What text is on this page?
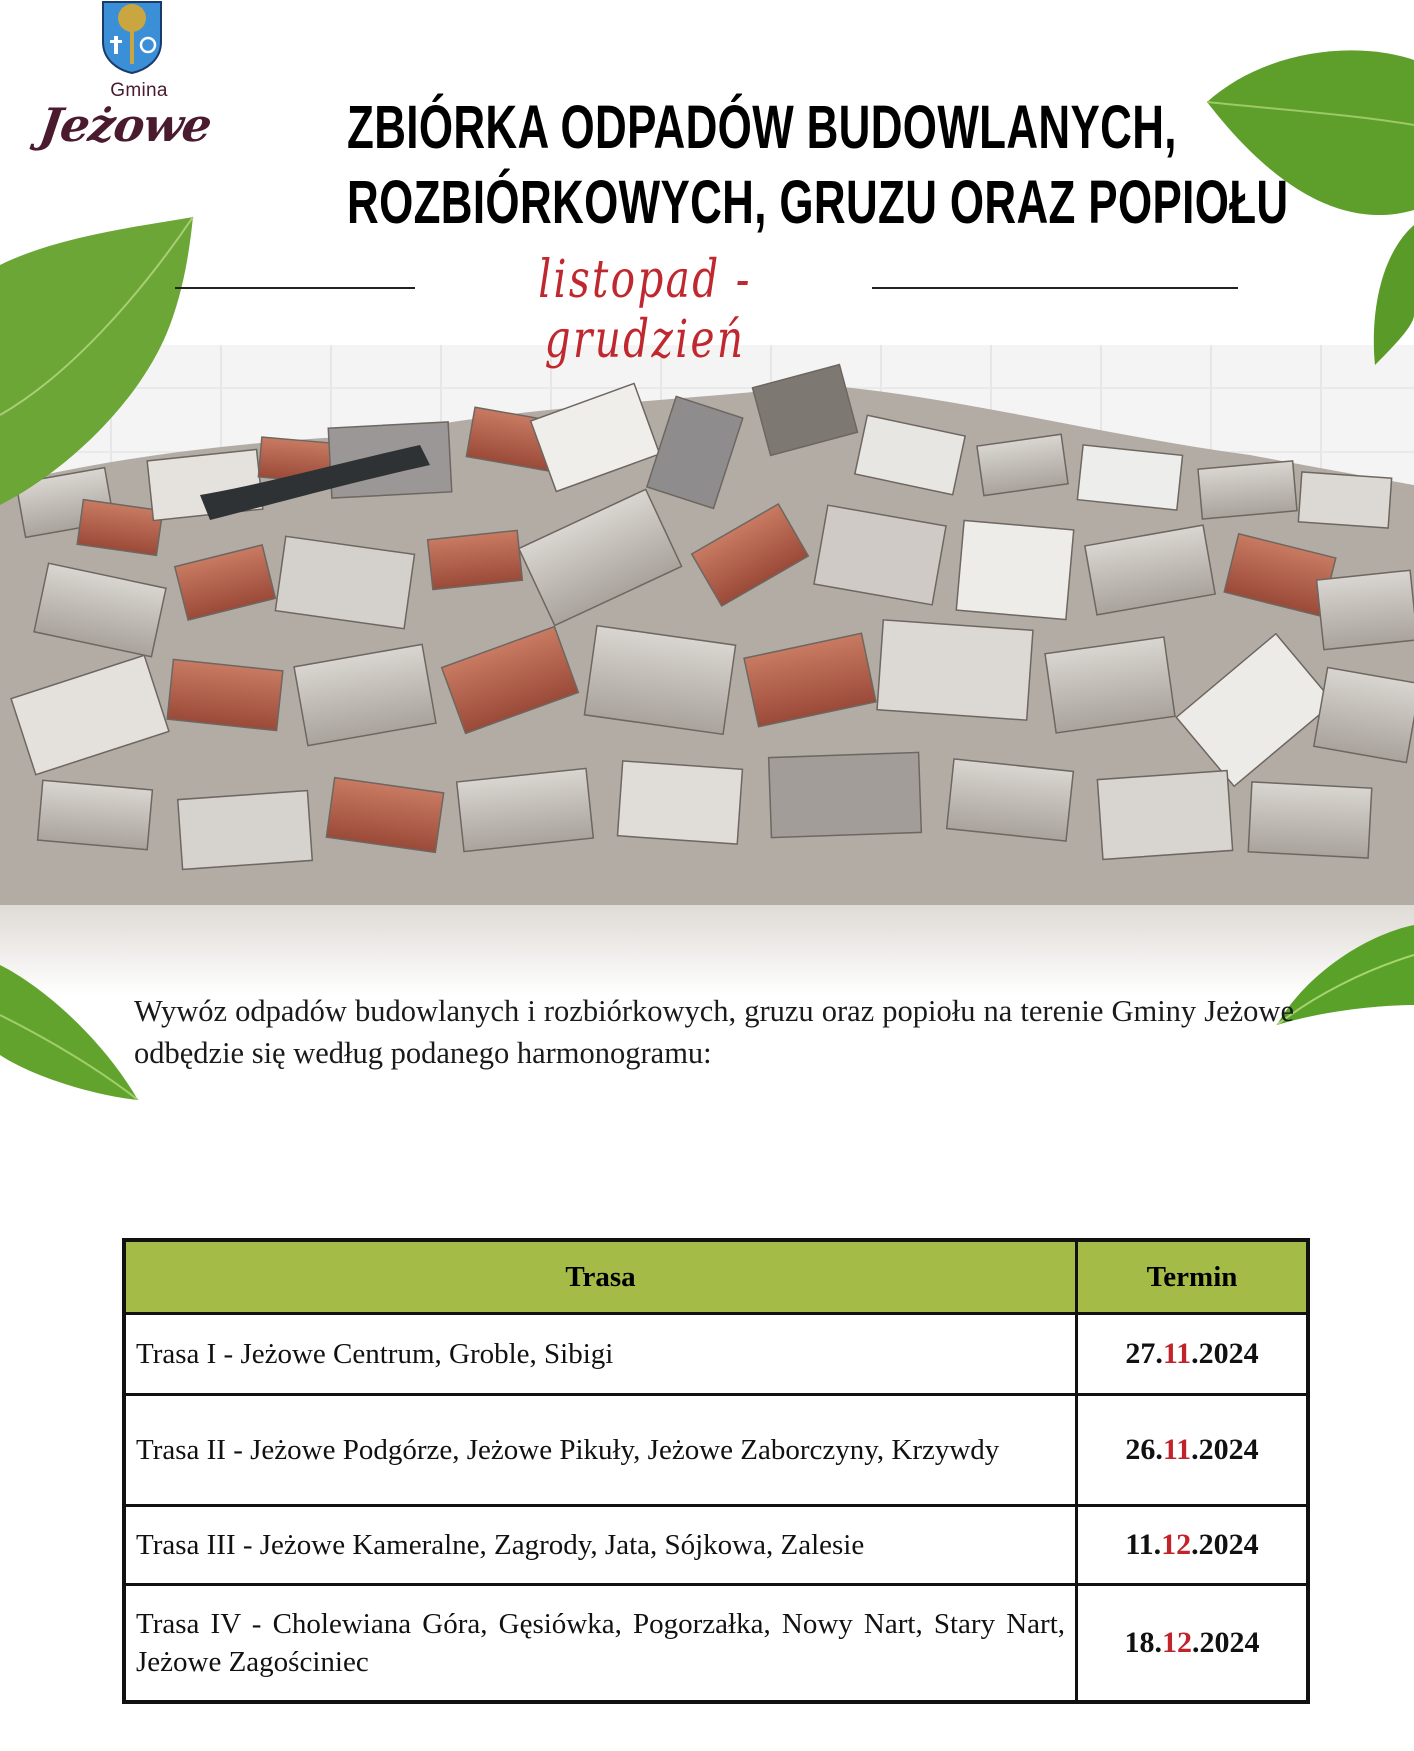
Gmina
Jeżowe ZBIÓRKA ODPADÓW BUDOWLANYCH,
ROZBIÓRKOWYCH, GRUZU ORAZ POPIOŁU
listopad - grudzień

Wywóz odpadów budowlanych i rozbiórkowych, gruzu oraz popiołu na terenie Gminy Jeżowe odbędzie się według podanego harmonogramu:

Trasa	Termin
Trasa I - Jeżowe Centrum, Groble, Sibigi	27.11.2024
Trasa II - Jeżowe Podgórze, Jeżowe Pikuły, Jeżowe Zaborczyny, Krzywdy	26.11.2024
Trasa III - Jeżowe Kameralne, Zagrody, Jata, Sójkowa, Zalesie	11.12.2024
Trasa IV - Cholewiana Góra, Gęsiówka, Pogorzałka, Nowy Nart, Stary Nart, Jeżowe Zagościniec	18.12.2024
